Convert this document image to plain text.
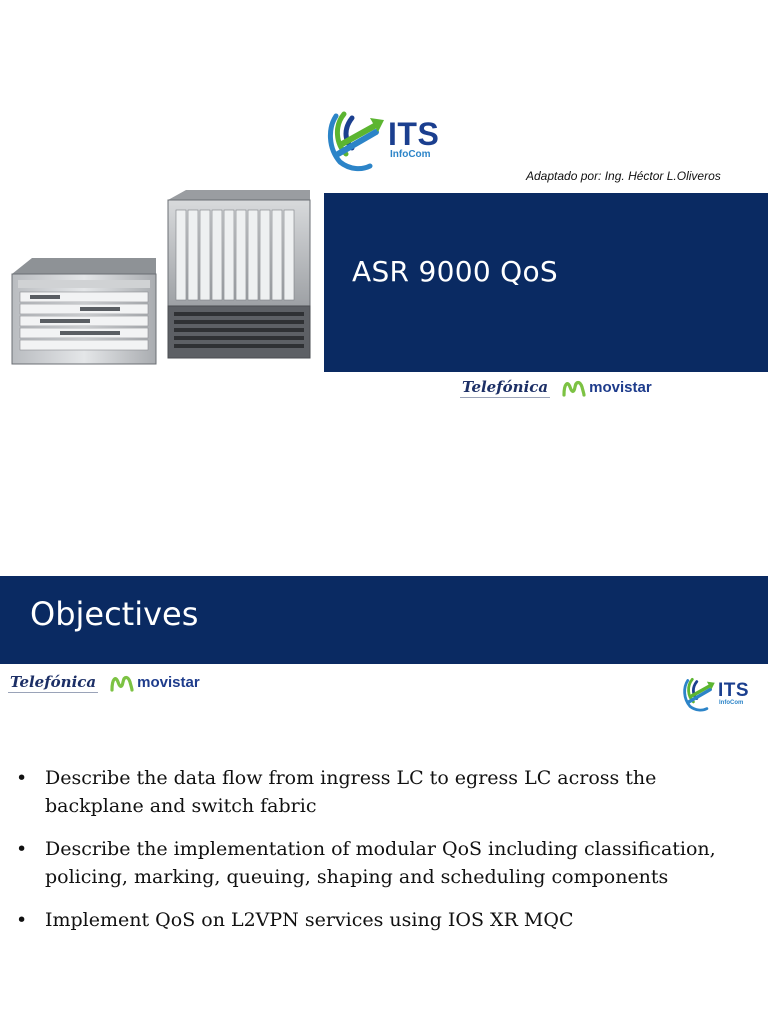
ITS
InfoCom
Adaptado por: Ing. Héctor L.Oliveros
ASR 9000 QoS
Telefónica	movistar
Objectives
Telefónica	movistar	ITS
InfoCom
• Describe the data flow from ingress LC to egress LC across the backplane and switch fabric
• Describe the implementation of modular QoS including classification, policing, marking, queuing, shaping and scheduling components
• Implement QoS on L2VPN services using IOS XR MQC
